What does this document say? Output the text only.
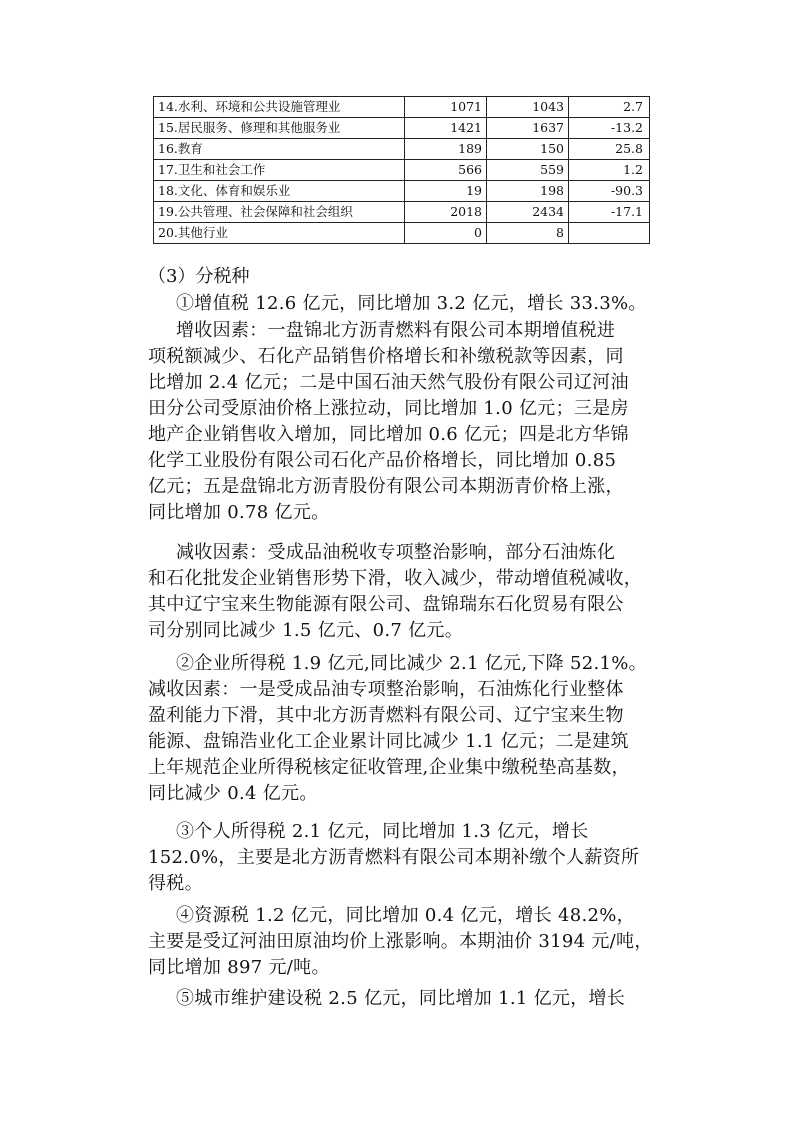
14.水利、环境和公共设施管理业	1071	1043	2.7
15.居民服务、修理和其他服务业	1421	1637	-13.2
16.教育	189	150	25.8
17.卫生和社会工作	566	559	1.2
18.文化、体育和娱乐业	19	198	-90.3
19.公共管理、社会保障和社会组织	2018	2434	-17.1
20.其他行业	0	8	
（3）分税种
①增值税 12.6 亿元，同比增加 3.2 亿元，增长 33.3%。
增收因素：一盘锦北方沥青燃料有限公司本期增值税进
项税额减少、石化产品销售价格增长和补缴税款等因素，同
比增加 2.4 亿元；二是中国石油天然气股份有限公司辽河油
田分公司受原油价格上涨拉动，同比增加 1.0 亿元；三是房
地产企业销售收入增加，同比增加 0.6 亿元；四是北方华锦
化学工业股份有限公司石化产品价格增长，同比增加 0.85
亿元；五是盘锦北方沥青股份有限公司本期沥青价格上涨，
同比增加 0.78 亿元。
减收因素：受成品油税收专项整治影响，部分石油炼化
和石化批发企业销售形势下滑，收入减少，带动增值税减收，
其中辽宁宝来生物能源有限公司、盘锦瑞东石化贸易有限公
司分别同比减少 1.5 亿元、0.7 亿元。
②企业所得税 1.9 亿元,同比减少 2.1 亿元,下降 52.1%。
减收因素：一是受成品油专项整治影响，石油炼化行业整体
盈利能力下滑，其中北方沥青燃料有限公司、辽宁宝来生物
能源、盘锦浩业化工企业累计同比减少 1.1 亿元；二是建筑
上年规范企业所得税核定征收管理,企业集中缴税垫高基数，
同比减少 0.4 亿元。
③个人所得税 2.1 亿元，同比增加 1.3 亿元，增长
152.0%，主要是北方沥青燃料有限公司本期补缴个人薪资所
得税。
④资源税 1.2 亿元，同比增加 0.4 亿元，增长 48.2%，
主要是受辽河油田原油均价上涨影响。本期油价 3194 元/吨，
同比增加 897 元/吨。
⑤城市维护建设税 2.5 亿元，同比增加 1.1 亿元，增长
